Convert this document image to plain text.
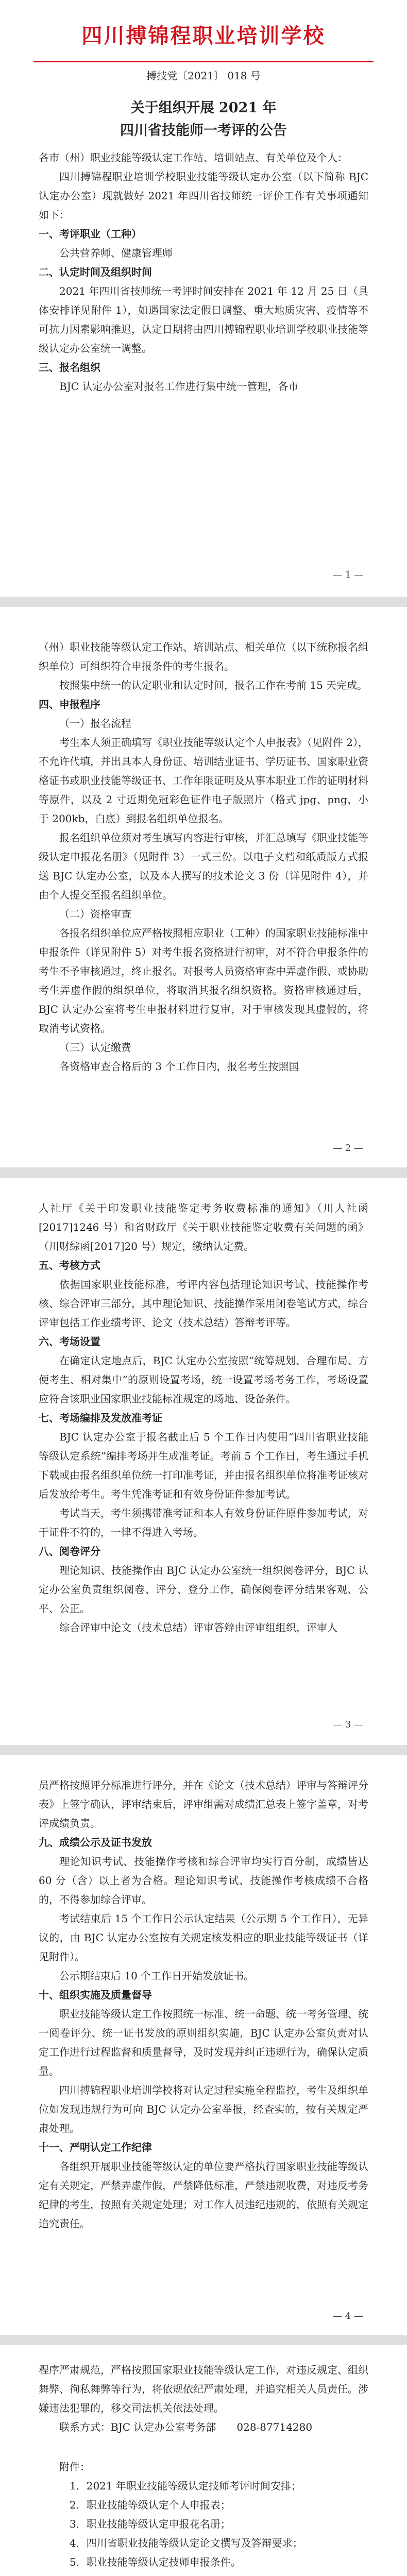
四川搏锦程职业培训学校

搏技党〔2021〕 018 号

关于组织开展 2021 年

四川省技能师一考评的公告

各市（州）职业技能等级认定工作站、培训站点、有关单位及个人：

四川搏锦程职业培训学校职业技能等级认定办公室（以下简称 BJC 认定办公室）现就做好 2021 年四川省技师统一评价工作有关事项通知如下：

一、考评职业（工种）

公共营养师、健康管理师

二、认定时间及组织时间

2021 年四川省技师统一考评时间安排在 2021 年 12 月 25 日（具体安排详见附件 1），如遇国家法定假日调整、重大地质灾害、疫情等不可抗力因素影响推迟，认定日期将由四川搏锦程职业培训学校职业技能等级认定办公室统一调整。

三、报名组织

BJC 认定办公室对报名工作进行集中统一管理，各市

— 1 —

（州）职业技能等级认定工作站、培训站点、相关单位（以下统称报名组织单位）可组织符合申报条件的考生报名。

按照集中统一的认定职业和认定时间，报名工作在考前 15 天完成。

四、申报程序

（一）报名流程

考生本人须正确填写《职业技能等级认定个人申报表》（见附件 2），不允许代填，并出具本人身份证、培训结业证书、学历证书、国家职业资格证书或职业技能等级证书、工作年限证明及从事本职业工作的证明材料等原件，以及 2 寸近期免冠彩色证件电子版照片（格式 jpg、png，小于 200kb，白底）到报名组织单位报名。

报名组织单位须对考生填写内容进行审核，并汇总填写《职业技能等级认定申报花名册》（见附件 3）一式三份。以电子文档和纸质版方式报送 BJC 认定办公室，以及本人撰写的技术论文 3 份（详见附件 4），并由个人提交至报名组织单位。

（二）资格审查

各报名组织单位应严格按照相应职业（工种）的国家职业技能标准中申报条件（详见附件 5）对考生报名资格进行初审，对不符合申报条件的考生不予审核通过，终止报名。对报考人员资格审查中弄虚作假、或协助考生弄虚作假的组织单位，将取消其报名组织资格。资格审核通过后，BJC 认定办公室将考生申报材料进行复审，对于审核发现其虚假的，将取消考试资格。

（三）认定缴费

各资格审查合格后的 3 个工作日内，报名考生按照国

— 2 —

人社厅《关于印发职业技能鉴定考务收费标准的通知》（川人社函[2017]1246 号）和省财政厅《关于职业技能鉴定收费有关问题的函》（川财综函[2017]20 号）规定，缴纳认定费。

五、考核方式

依据国家职业技能标准，考评内容包括理论知识考试、技能操作考核、综合评审三部分，其中理论知识、技能操作采用闭卷笔试方式，综合评审包括工作业绩考评、论文（技术总结）答辩考评等。

六、考场设置

在确定认定地点后，BJC 认定办公室按照“统筹规划、合理布局、方便考生、相对集中”的原则设置考场，统一设置考场考务工作，考场设置应符合该职业国家职业技能标准规定的场地、设备条件。

七、考场编排及发放准考证

BJC 认定办公室于报名截止后 5 个工作日内使用“四川省职业技能等级认定系统”编排考场并生成准考证。考前 5 个工作日，考生通过手机下载或由报名组织单位统一打印准考证，并由报名组织单位将准考证核对后发放给考生。考生凭准考证和有效身份证件参加考试。

考试当天，考生须携带准考证和本人有效身份证件原件参加考试，对于证件不符的，一律不得进入考场。

八、阅卷评分

理论知识、技能操作由 BJC 认定办公室统一组织阅卷评分，BJC 认定办公室负责组织阅卷、评分、登分工作，确保阅卷评分结果客观、公平、公正。

综合评审中论文（技术总结）评审答辩由评审组组织，评审人

— 3 —

员严格按照评分标准进行评分，并在《论文（技术总结）评审与答辩评分表》上签字确认，评审结束后，评审组需对成绩汇总表上签字盖章，对考评成绩负责。

九、成绩公示及证书发放

理论知识考试、技能操作考核和综合评审均实行百分制，成绩皆达 60 分（含）以上者为合格。理论知识考试、技能操作考核成绩不合格的，不得参加综合评审。

考试结束后 15 个工作日公示认定结果（公示期 5 个工作日），无异议的，由 BJC 认定办公室按有关规定核发相应的职业技能等级证书（详见附件）。

公示期结束后 10 个工作日开始发放证书。

十、组织实施及质量督导

职业技能等级认定工作按照统一标准、统一命题、统一考务管理、统一阅卷评分、统一证书发放的原则组织实施，BJC 认定办公室负责对认定工作进行过程监督和质量督导，及时发现并纠正违规行为，确保认定质量。

四川搏锦程职业培训学校将对认定过程实施全程监控，考生及组织单位如发现违规行为可向 BJC 认定办公室举报，经查实的，按有关规定严肃处理。

十一、严明认定工作纪律

各组织开展职业技能等级认定的单位要严格执行国家职业技能等级认定有关规定，严禁弄虚作假，严禁降低标准，严禁违规收费，对违反考务纪律的考生，按照有关规定处理；对工作人员违纪违规的，依照有关规定追究责任。

— 4 —

程序严肃规范，严格按照国家职业技能等级认定工作，对违反规定、组织舞弊、徇私舞弊等行为，将依规依纪严肃处理，并追究相关人员责任。涉嫌违法犯罪的，移交司法机关依法处理。

联系方式：BJC 认定办公室考务部　　028-87714280

附件：

1．2021 年职业技能等级认定技师考评时间安排；

2．职业技能等级认定个人申报表；

3．职业技能等级认定申报花名册；

4．四川省职业技能等级认定论文撰写及答辩要求；

5．职业技能等级认定技师申报条件。
